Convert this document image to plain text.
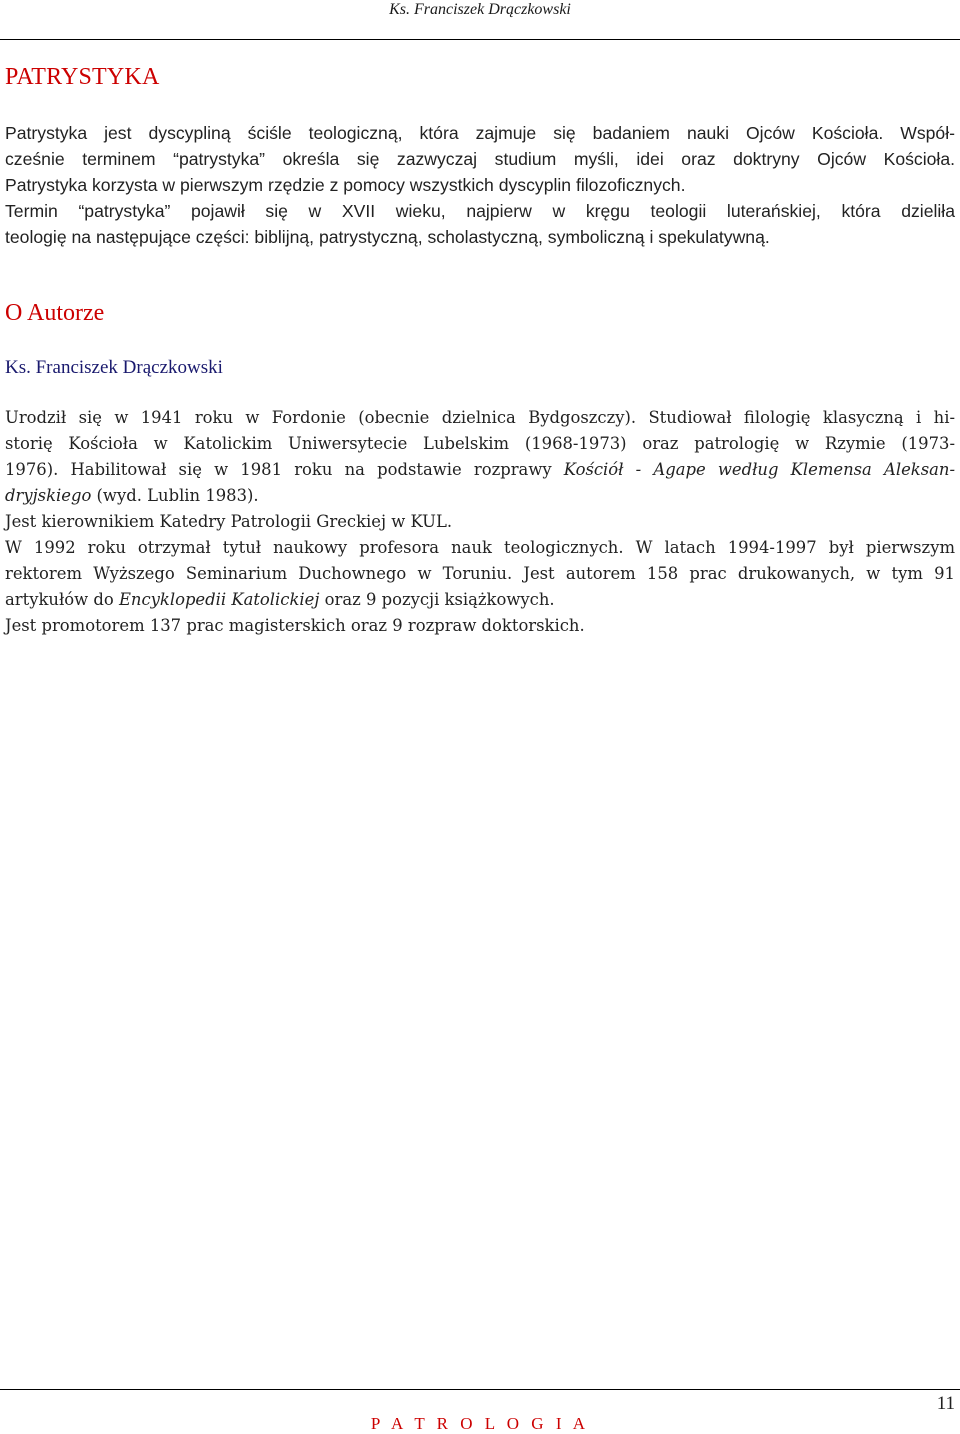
Ks. Franciszek Drączkowski
PATRYSTYKA

Patrystyka jest dyscypliną ściśle teologiczną, która zajmuje się badaniem nauki Ojców Kościoła. Współ-
cześnie terminem “patrystyka” określa się zazwyczaj studium myśli, idei oraz doktryny Ojców Kościoła.
Patrystyka korzysta w pierwszym rzędzie z pomocy wszystkich dyscyplin filozoficznych.
Termin “patrystyka” pojawił się w XVII wieku, najpierw w kręgu teologii luterańskiej, która dzieliła
teologię na następujące części: biblijną, patrystyczną, scholastyczną, symboliczną i spekulatywną.

O Autorze
Ks. Franciszek Drączkowski
Urodził się w 1941 roku w Fordonie (obecnie dzielnica Bydgoszczy). Studiował filologię klasyczną i hi-
storię Kościoła w Katolickim Uniwersytecie Lubelskim (1968-1973) oraz patrologię w Rzymie (1973-
1976). Habilitował się w 1981 roku na podstawie rozprawy Kościół - Agape według Klemensa Aleksan-
dryjskiego (wyd. Lublin 1983).
Jest kierownikiem Katedry Patrologii Greckiej w KUL.
W 1992 roku otrzymał tytuł naukowy profesora nauk teologicznych. W latach 1994-1997 był pierwszym
rektorem Wyższego Seminarium Duchownego w Toruniu. Jest autorem 158 prac drukowanych, w tym 91
artykułów do Encyklopedii Katolickiej oraz 9 pozycji książkowych.
Jest promotorem 137 prac magisterskich oraz 9 rozpraw doktorskich.
11
P A T R O L O G I A
